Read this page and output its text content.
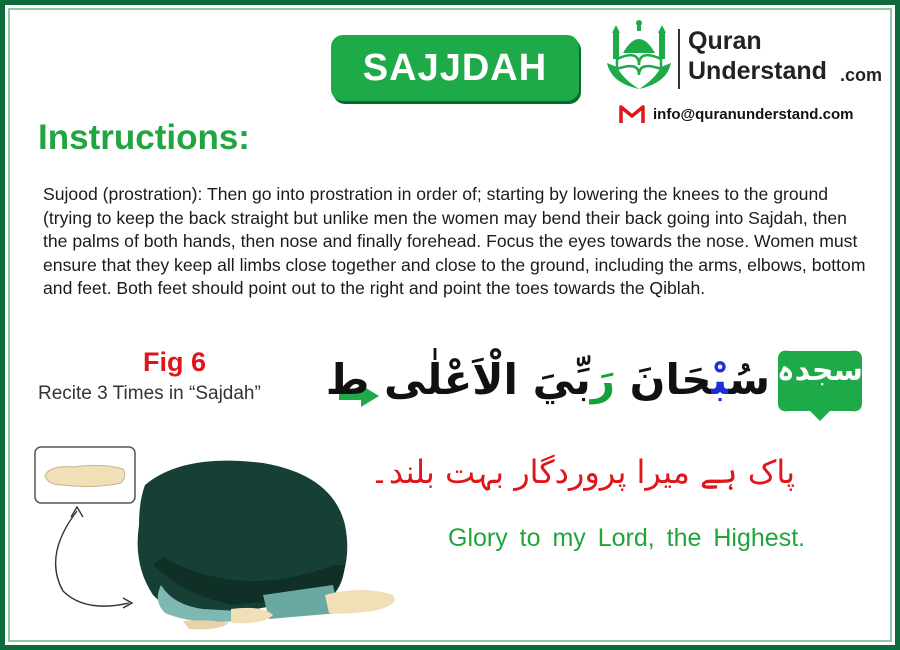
SAJJDAH
Quran
Understand .com
info@quranunderstand.com
Instructions:
Sujood (prostration): Then go into prostration in order of; starting by lowering the knees to the ground (trying to keep the back straight but unlike men the women may bend their back going into Sajdah, then the palms of both hands, then nose and finally forehead. Focus the eyes towards the nose. Women must ensure that they keep all limbs close together and close to the ground, including the arms, elbows, bottom and feet. Both feet should point out to the right and point the toes towards the Qiblah.
Fig 6
Recite 3 Times in “Sajdah”	سُبْحَانَ رَبِّيَ الْاَعْلٰى ط	سجدہ
پاک ہے میرا پروردگار بہت بلند۔
Glory to my Lord, the Highest.
